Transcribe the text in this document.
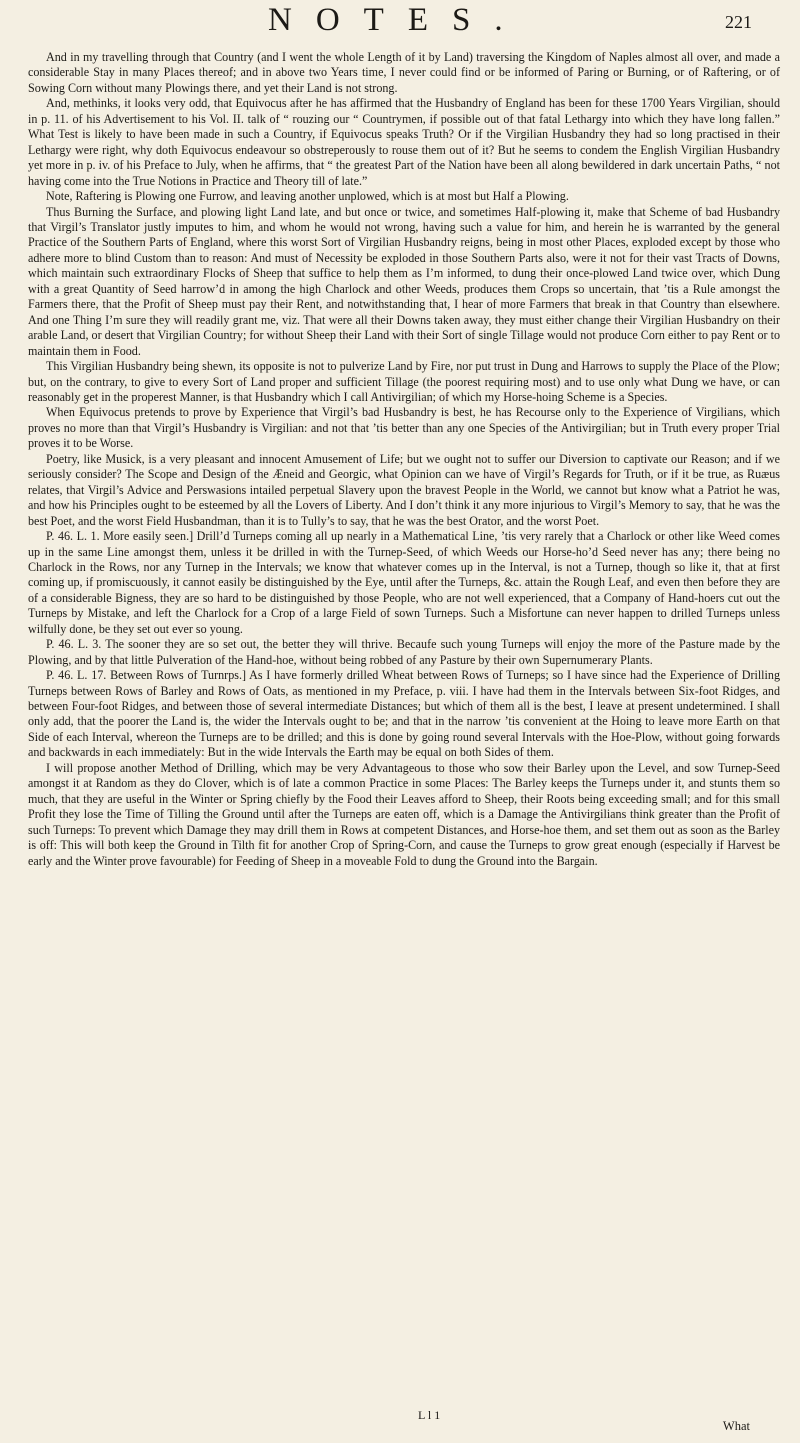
NOTES.	221

And in my travelling through that Country (and I went the whole Length of it by Land) traversing the Kingdom of Naples almost all over, and made a considerable Stay in many Places thereof; and in above two Years time, I never could find or be informed of Paring or Burning, or of Raftering, or of Sowing Corn without many Plowings there, and yet their Land is not strong.

And, methinks, it looks very odd, that Equivocus after he has affirmed that the Husbandry of England has been for these 1700 Years Virgilian, should in p. 11. of his Advertisement to his Vol. II. talk of “ rouzing our “ Countrymen, if possible out of that fatal Lethargy into which they have long fallen.” What Test is likely to have been made in such a Country, if Equivocus speaks Truth? Or if the Virgilian Husbandry they had so long practised in their Lethargy were right, why doth Equivocus endeavour so obstreperously to rouse them out of it? But he seems to condem the English Virgilian Husbandry yet more in p. iv. of his Preface to July, when he affirms, that “ the greatest Part of the Nation have been all along bewildered in dark uncertain Paths, “ not having come into the True Notions in Practice and Theory till of late.”

Note, Raftering is Plowing one Furrow, and leaving another unplowed, which is at most but Half a Plowing.

Thus Burning the Surface, and plowing light Land late, and but once or twice, and sometimes Half-plowing it, make that Scheme of bad Husbandry that Virgil’s Translator justly imputes to him, and whom he would not wrong, having such a value for him, and herein he is warranted by the general Practice of the Southern Parts of England, where this worst Sort of Virgilian Husbandry reigns, being in most other Places, exploded except by those who adhere more to blind Custom than to reason: And must of Necessity be exploded in those Southern Parts also, were it not for their vast Tracts of Downs, which maintain such extraordinary Flocks of Sheep that suffice to help them as I’m informed, to dung their once-plowed Land twice over, which Dung with a great Quantity of Seed harrow’d in among the high Charlock and other Weeds, produces them Crops so uncertain, that ’tis a Rule amongst the Farmers there, that the Profit of Sheep must pay their Rent, and notwithstanding that, I hear of more Farmers that break in that Country than elsewhere. And one Thing I’m sure they will readily grant me, viz. That were all their Downs taken away, they must either change their Virgilian Husbandry on their arable Land, or desert that Virgilian Country; for without Sheep their Land with their Sort of single Tillage would not produce Corn either to pay Rent or to maintain them in Food.

This Virgilian Husbandry being shewn, its opposite is not to pulverize Land by Fire, nor put trust in Dung and Harrows to supply the Place of the Plow; but, on the contrary, to give to every Sort of Land proper and sufficient Tillage (the poorest requiring most) and to use only what Dung we have, or can reasonably get in the properest Manner, is that Husbandry which I call Antivirgilian; of which my Horse-hoing Scheme is a Species.

When Equivocus pretends to prove by Experience that Virgil’s bad Husbandry is best, he has Recourse only to the Experience of Virgilians, which proves no more than that Virgil’s Husbandry is Virgilian: and not that ’tis better than any one Species of the Antivirgilian; but in Truth every proper Trial proves it to be Worse.

Poetry, like Musick, is a very pleasant and innocent Amusement of Life; but we ought not to suffer our Diversion to captivate our Reason; and if we seriously consider? The Scope and Design of the Æneid and Georgic, what Opinion can we have of Virgil’s Regards for Truth, or if it be true, as Ruæus relates, that Virgil’s Advice and Perswasions intailed perpetual Slavery upon the bravest People in the World, we cannot but know what a Patriot he was, and how his Principles ought to be esteemed by all the Lovers of Liberty. And I don’t think it any more injurious to Virgil’s Memory to say, that he was the best Poet, and the worst Field Husbandman, than it is to Tully’s to say, that he was the best Orator, and the worst Poet.

P. 46. L. 1. More easily seen.] Drill’d Turneps coming all up nearly in a Mathematical Line, ’tis very rarely that a Charlock or other like Weed comes up in the same Line amongst them, unless it be drilled in with the Turnep-Seed, of which Weeds our Horse-ho’d Seed never has any; there being no Charlock in the Rows, nor any Turnep in the Intervals; we know that whatever comes up in the Interval, is not a Turnep, though so like it, that at first coming up, if promiscuously, it cannot easily be distinguished by the Eye, until after the Turneps, &c. attain the Rough Leaf, and even then before they are of a considerable Bigness, they are so hard to be distinguished by those People, who are not well experienced, that a Company of Hand-hoers cut out the Turneps by Mistake, and left the Charlock for a Crop of a large Field of sown Turneps. Such a Misfortune can never happen to drilled Turneps unless wilfully done, be they set out ever so young.

P. 46. L. 3. The sooner they are so set out, the better they will thrive. Becaufe such young Turneps will enjoy the more of the Pasture made by the Plowing, and by that little Pulveration of the Hand-hoe, without being robbed of any Pasture by their own Supernumerary Plants.

P. 46. L. 17. Between Rows of Turnrps.] As I have formerly drilled Wheat between Rows of Turneps; so I have since had the Experience of Drilling Turneps between Rows of Barley and Rows of Oats, as mentioned in my Preface, p. viii. I have had them in the Intervals between Six-foot Ridges, and between Four-foot Ridges, and between those of several intermediate Distances; but which of them all is the best, I leave at present undetermined. I shall only add, that the poorer the Land is, the wider the Intervals ought to be; and that in the narrow ’tis convenient at the Hoing to leave more Earth on that Side of each Interval, whereon the Turneps are to be drilled; and this is done by going round several Intervals with the Hoe-Plow, without going forwards and backwards in each immediately: But in the wide Intervals the Earth may be equal on both Sides of them.

I will propose another Method of Drilling, which may be very Advantageous to those who sow their Barley upon the Level, and sow Turnep-Seed amongst it at Random as they do Clover, which is of late a common Practice in some Places: The Barley keeps the Turneps under it, and stunts them so much, that they are useful in the Winter or Spring chiefly by the Food their Leaves afford to Sheep, their Roots being exceeding small; and for this small Profit they lose the Time of Tilling the Ground until after the Turneps are eaten off, which is a Damage the Antivirgilians think greater than the Profit of such Turneps: To prevent which Damage they may drill them in Rows at competent Distances, and Horse-hoe them, and set them out as soon as the Barley is off: This will both keep the Ground in Tilth fit for another Crop of Spring-Corn, and cause the Turneps to grow great enough (especially if Harvest be early and the Winter prove favourable) for Feeding of Sheep in a moveable Fold to dung the Ground into the Bargain.

L l 1
What
